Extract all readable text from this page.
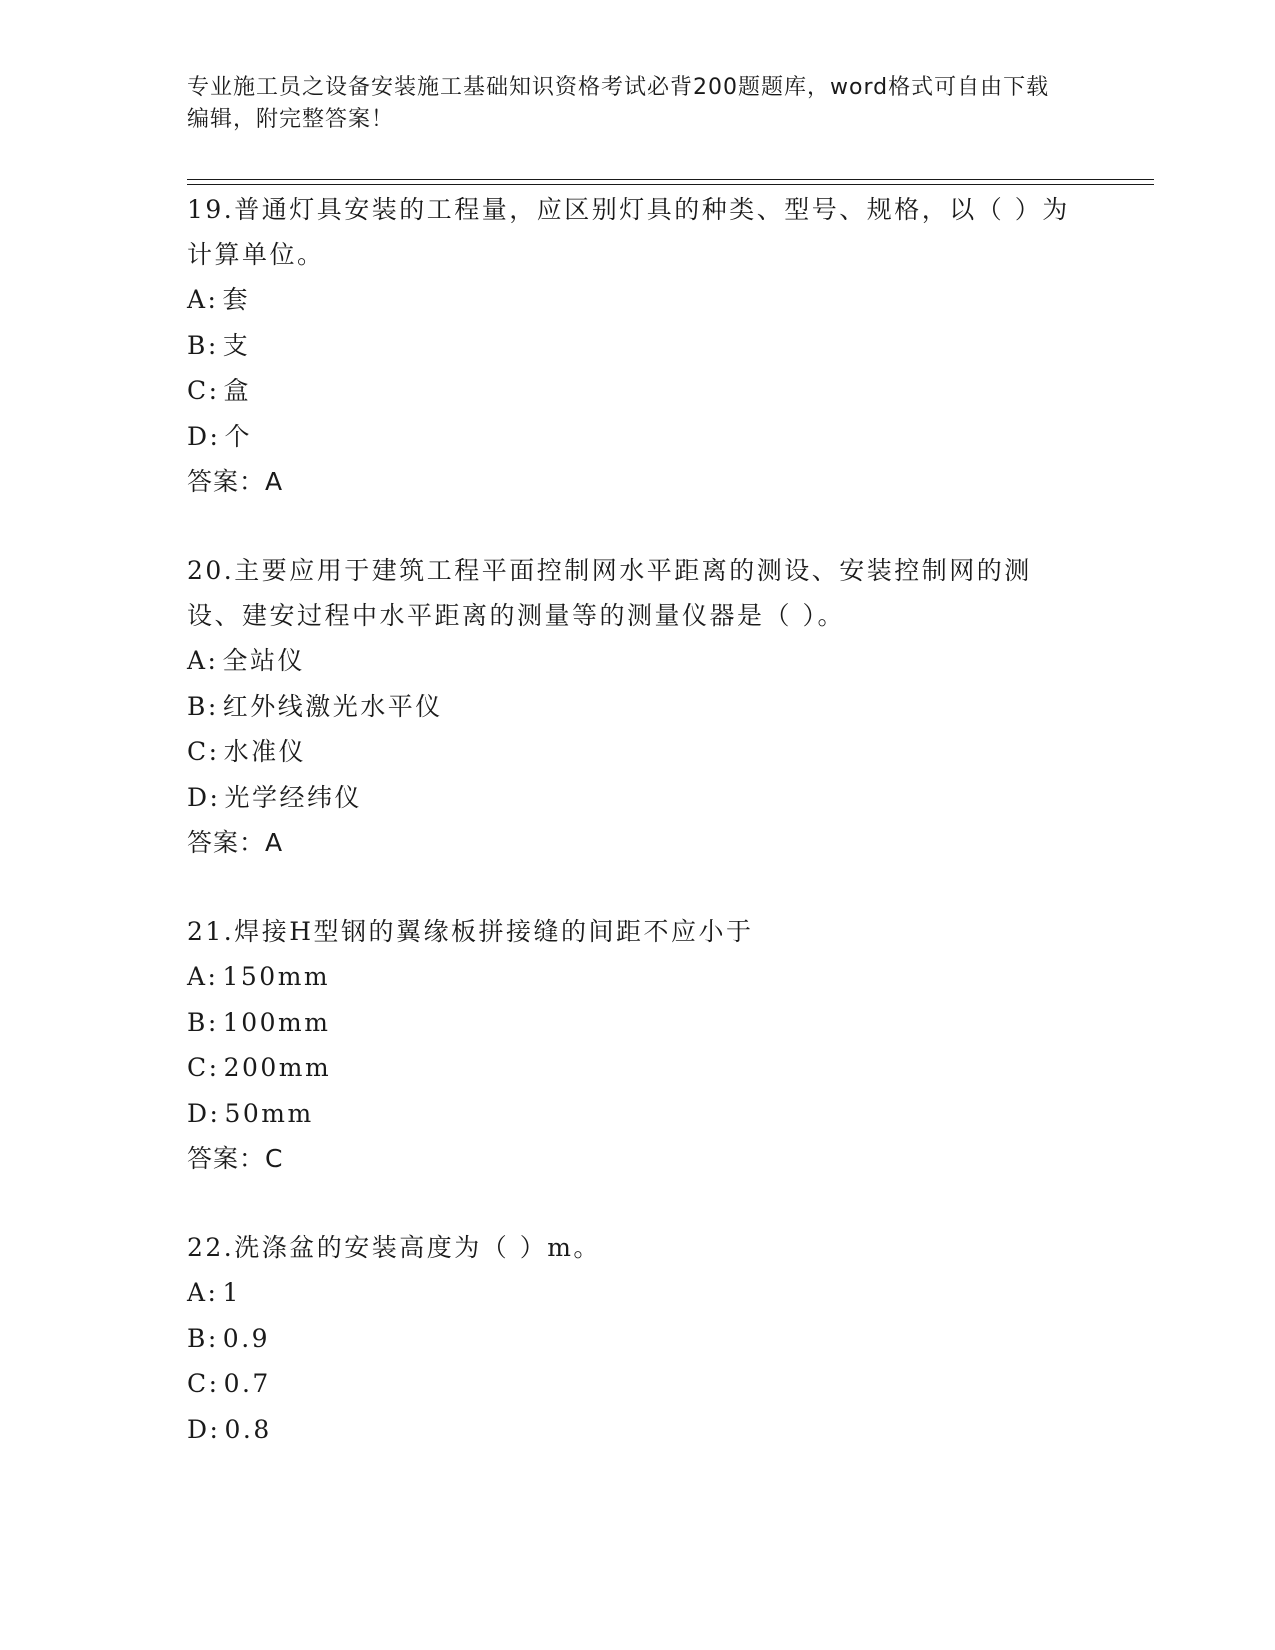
专业施工员之设备安装施工基础知识资格考试必背200题题库，word格式可自由下载编辑，附完整答案！

19.普通灯具安装的工程量，应区别灯具的种类、型号、规格，以（ ）为计算单位。

A: 套

B: 支

C: 盒

D: 个

答案：A

20.主要应用于建筑工程平面控制网水平距离的测设、安装控制网的测设、建安过程中水平距离的测量等的测量仪器是（ ）。

A: 全站仪

B: 红外线激光水平仪

C: 水准仪

D: 光学经纬仪

答案：A

21.焊接H型钢的翼缘板拼接缝的间距不应小于

A: 150mm

B: 100mm

C: 200mm

D: 50mm

答案：C

22.洗涤盆的安装高度为（ ）m。

A: 1

B: 0.9

C: 0.7

D: 0.8
